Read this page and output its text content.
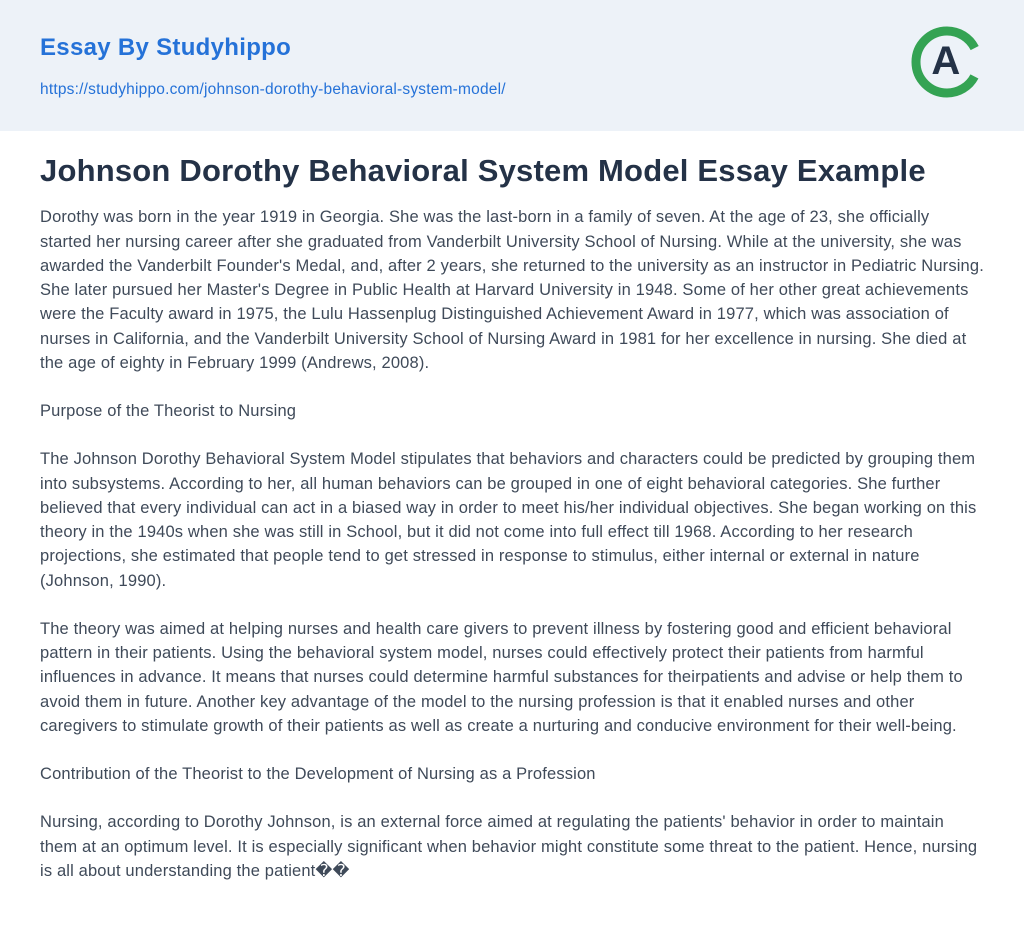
Essay By Studyhippo
https://studyhippo.com/johnson-dorothy-behavioral-system-model/
A
Johnson Dorothy Behavioral System Model Essay Example

Dorothy was born in the year 1919 in Georgia. She was the last-born in a family of seven. At the age of 23, she officially started her nursing career after she graduated from Vanderbilt University School of Nursing. While at the university, she was awarded the Vanderbilt Founder's Medal, and, after 2 years, she returned to the university as an instructor in Pediatric Nursing. She later pursued her Master's Degree in Public Health at Harvard University in 1948. Some of her other great achievements were the Faculty award in 1975, the Lulu Hassenplug Distinguished Achievement Award in 1977, which was association of nurses in California, and the Vanderbilt University School of Nursing Award in 1981 for her excellence in nursing. She died at the age of eighty in February 1999 (Andrews, 2008).

Purpose of the Theorist to Nursing

The Johnson Dorothy Behavioral System Model stipulates that behaviors and characters could be predicted by grouping them into subsystems. According to her, all human behaviors can be grouped in one of eight behavioral categories. She further believed that every individual can act in a biased way in order to meet his/her individual objectives. She began working on this theory in the 1940s when she was still in School, but it did not come into full effect till 1968. According to her research projections, she estimated that people tend to get stressed in response to stimulus, either internal or external in nature (Johnson, 1990).

The theory was aimed at helping nurses and health care givers to prevent illness by fostering good and efficient behavioral pattern in their patients. Using the behavioral system model, nurses could effectively protect their patients from harmful influences in advance. It means that nurses could determine harmful substances for theirpatients and advise or help them to avoid them in future. Another key advantage of the model to the nursing profession is that it enabled nurses and other caregivers to stimulate growth of their patients as well as create a nurturing and conducive environment for their well-being.

Contribution of the Theorist to the Development of Nursing as a Profession

Nursing, according to Dorothy Johnson, is an external force aimed at regulating the patients' behavior in order to maintain them at an optimum level. It is especially significant when behavior might constitute some threat to the patient. Hence, nursing is all about understanding the patient��
